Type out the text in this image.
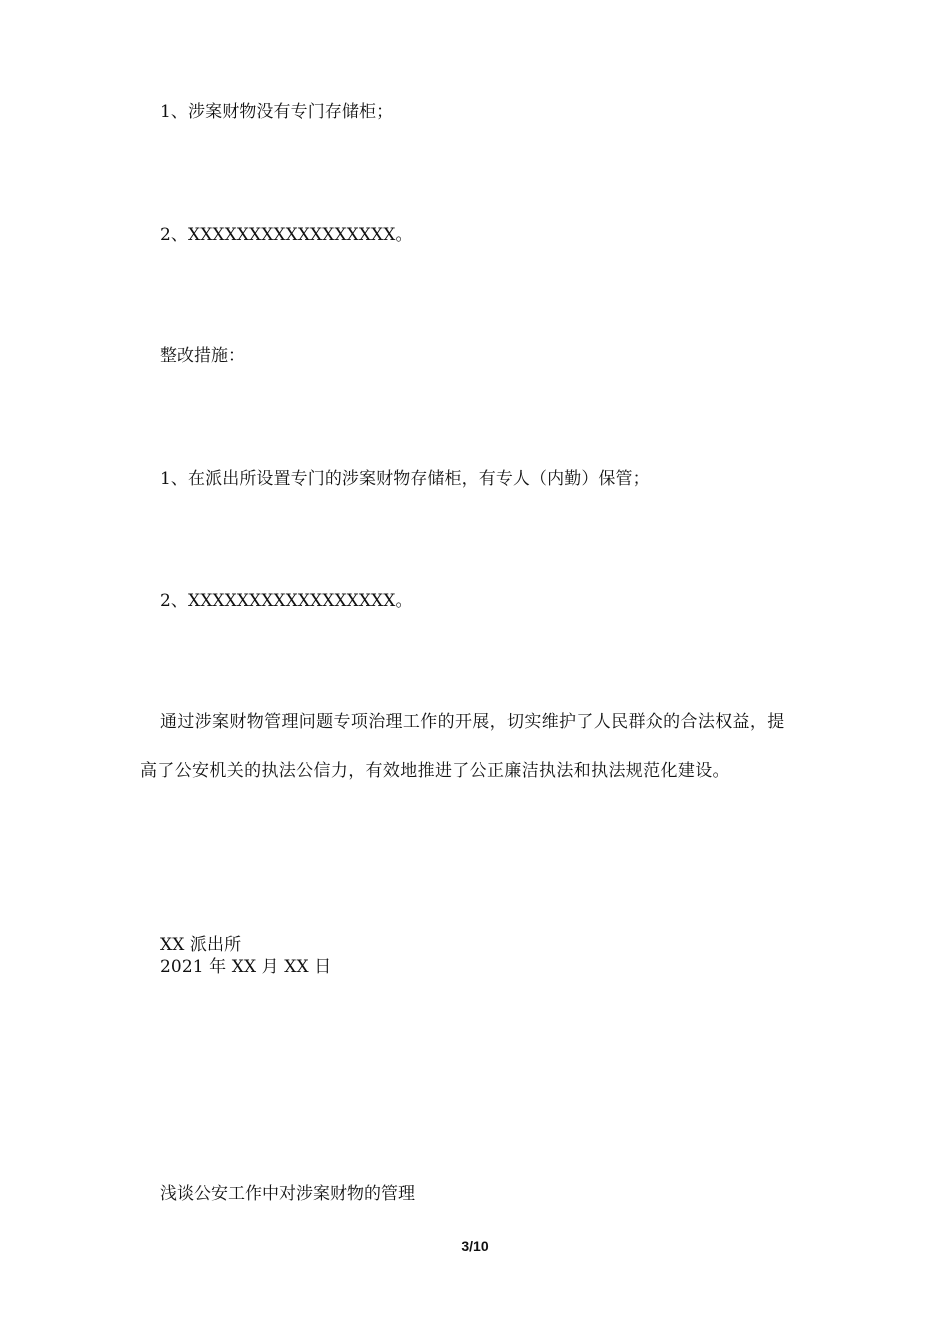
1、涉案财物没有专门存储柜；
2、XXXXXXXXXXXXXXXXX。
整改措施：
1、在派出所设置专门的涉案财物存储柜，有专人（内勤）保管；
2、XXXXXXXXXXXXXXXXX。
通过涉案财物管理问题专项治理工作的开展，切实维护了人民群众的合法权益，提高了公安机关的执法公信力，有效地推进了公正廉洁执法和执法规范化建设。
XX 派出所
2021 年 XX 月 XX 日
浅谈公安工作中对涉案财物的管理
3/10
